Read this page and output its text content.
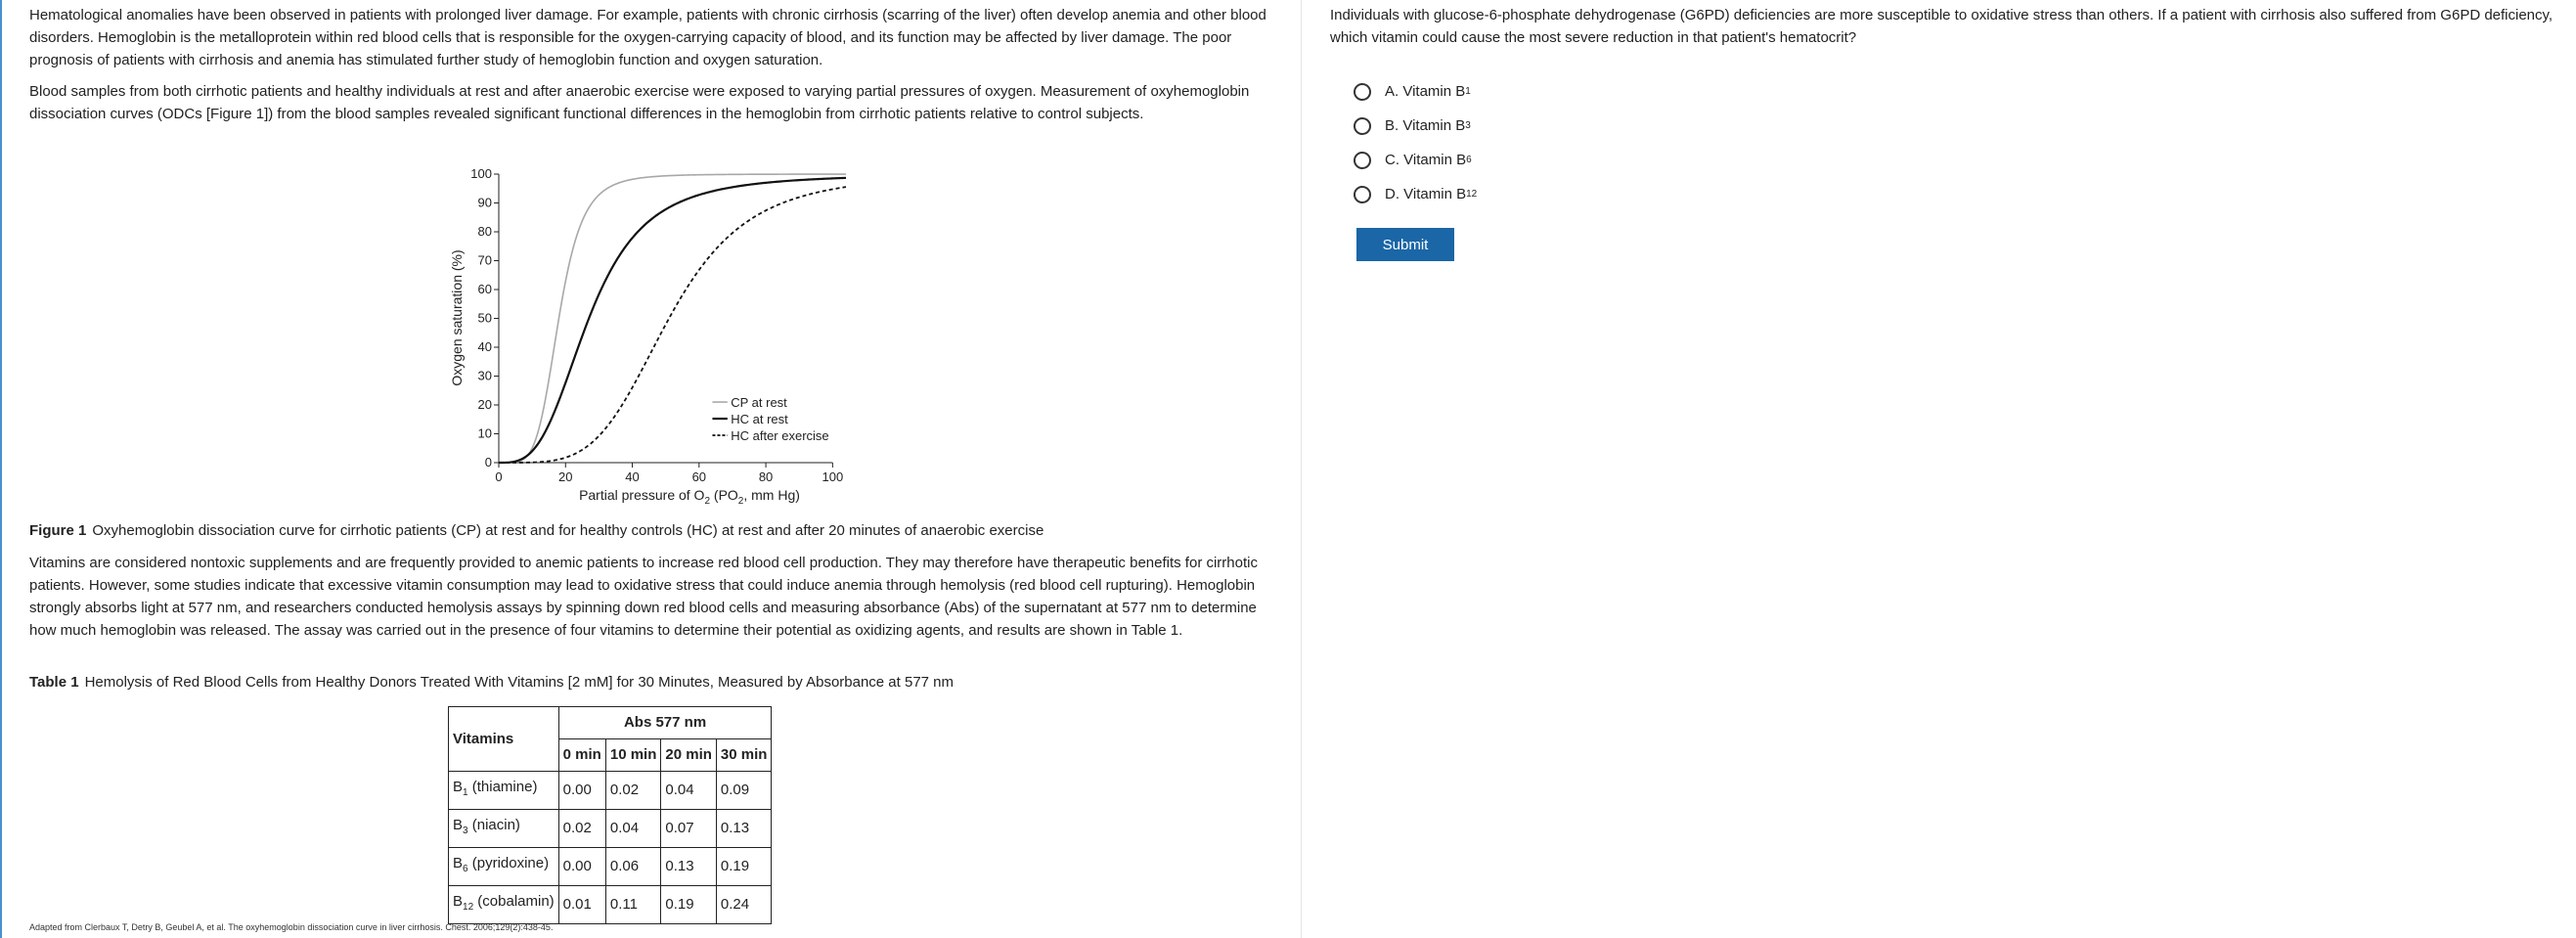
Hematological anomalies have been observed in patients with prolonged liver damage. For example, patients with chronic cirrhosis (scarring of the liver) often develop anemia and other blood disorders. Hemoglobin is the metalloprotein within red blood cells that is responsible for the oxygen-carrying capacity of blood, and its function may be affected by liver damage. The poor prognosis of patients with cirrhosis and anemia has stimulated further study of hemoglobin function and oxygen saturation.

Blood samples from both cirrhotic patients and healthy individuals at rest and after anaerobic exercise were exposed to varying partial pressures of oxygen. Measurement of oxyhemoglobin dissociation curves (ODCs [Figure 1]) from the blood samples revealed significant functional differences in the hemoglobin from cirrhotic patients relative to control subjects.

Figure 1 Oxyhemoglobin dissociation curve for cirrhotic patients (CP) at rest and for healthy controls (HC) at rest and after 20 minutes of anaerobic exercise

Vitamins are considered nontoxic supplements and are frequently provided to anemic patients to increase red blood cell production. They may therefore have therapeutic benefits for cirrhotic patients. However, some studies indicate that excessive vitamin consumption may lead to oxidative stress that could induce anemia through hemolysis (red blood cell rupturing). Hemoglobin strongly absorbs light at 577 nm, and researchers conducted hemolysis assays by spinning down red blood cells and measuring absorbance (Abs) of the supernatant at 577 nm to determine how much hemoglobin was released. The assay was carried out in the presence of four vitamins to determine their potential as oxidizing agents, and results are shown in Table 1.

Table 1 Hemolysis of Red Blood Cells from Healthy Donors Treated With Vitamins [2 mM] for 30 Minutes, Measured by Absorbance at 577 nm

0	20	40	60	80	100
0
10
20
30
40
50
60
70
80
90
100
CP at rest
HC at rest
HC after exercise
Partial pressure of $O_2$ ($PO_2$, mm Hg)
Oxygen saturation (%)
Vitamins	Abs 577 nm			
	0 min	10 min	20 min	30 min
$B_1$ (thiamine)	0.00	0.02	0.04	0.09
$B_3$ (niacin)	0.02	0.04	0.07	0.13
$B_6$ (pyridoxine)	0.00	0.06	0.13	0.19
$B_{12}$ (cobalamin)	0.01	0.11	0.19	0.24
Adapted from Clerbaux T, Detry B, Geubel A, et al. The oxyhemoglobin dissociation curve in liver cirrhosis. Chest. 2006;129(2):438-45.
Individuals with glucose-6-phosphate dehydrogenase (G6PD) deficiencies are more susceptible to oxidative stress than others. If a patient with cirrhosis also suffered from G6PD deficiency, which vitamin could cause the most severe reduction in that patient's hematocrit?
A.
Vitamin B 1
B.
Vitamin B 3
C.
Vitamin B 6
D.
Vitamin B 12
Submit
